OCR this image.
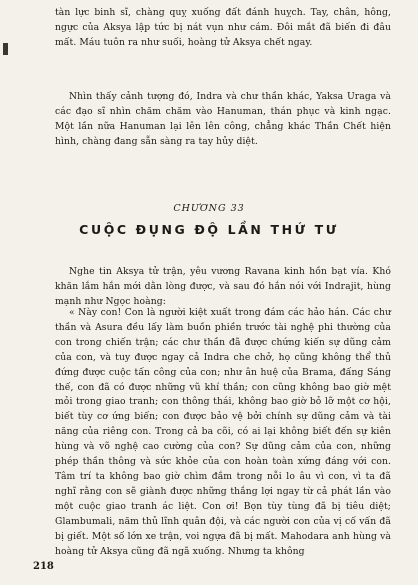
tàn lực binh sĩ, chàng quỵ xuống đất đánh huỵch. Tay, chân, hông, ngực của Aksya lập tức bị nát vụn như cám. Đôi mắt đã biến đi đâu mất. Máu tuôn ra như suối, hoàng tử Aksya chết ngay.

Nhìn thấy cảnh tượng đó, Indra và chư thần khác, Yaksa Uraga và các đạo sĩ nhìn chăm chăm vào Hanuman, thán phục và kinh ngạc. Một lần nữa Hanuman lại lên lên công, chẳng khác Thần Chết hiện hình, chàng đang sẵn sàng ra tay hủy diệt.

CHƯƠNG 33
CUỘC ĐỤNG ĐỘ LẦN THỨ TƯ

Nghe tin Aksya tử trận, yêu vương Ravana kinh hồn bạt vía. Khó khăn lắm hắn mới dằn lòng được, và sau đó hắn nói với Indrajit, hùng mạnh như Ngọc hoàng:

« Này con! Con là người kiệt xuất trong đám các hảo hán. Các chư thần và Asura đều lấy làm buồn phiền trước tài nghệ phi thường của con trong chiến trận; các chư thần đã được chứng kiến sự dũng cảm của con, và tuy được ngay cả Indra che chở, họ cũng không thể thủ đứng được cuộc tấn công của con; như ân huệ của Brama, đấng Sáng thế, con đã có được những vũ khí thần; con cũng không bao giờ mệt mỏi trong giao tranh; con thông thái, không bao giờ bỏ lỡ một cơ hội, biết tùy cơ ứng biến; con được bảo vệ bởi chính sự dũng cảm và tài năng của riêng con. Trong cả ba cõi, có ai lại không biết đến sự kiên hùng và võ nghệ cao cường của con? Sự dũng cảm của con, những phép thần thông và sức khỏe của con hoàn toàn xứng đáng với con. Tâm trí ta không bao giờ chìm đắm trong nỗi lo âu vì con, vì ta đã nghĩ rằng con sẽ giành được những thắng lợi ngay từ cả phát lần vào một cuộc giao tranh ác liệt. Con ơi! Bọn tùy tùng đã bị tiêu diệt; Glambumali, năm thủ lĩnh quân đội, và các người con của vị cố vấn đã bị giết. Một số lớn xe trận, voi ngựa đã bị mất. Mahodara anh hùng và hoàng tử Aksya cũng đã ngã xuống. Nhưng ta không

218
